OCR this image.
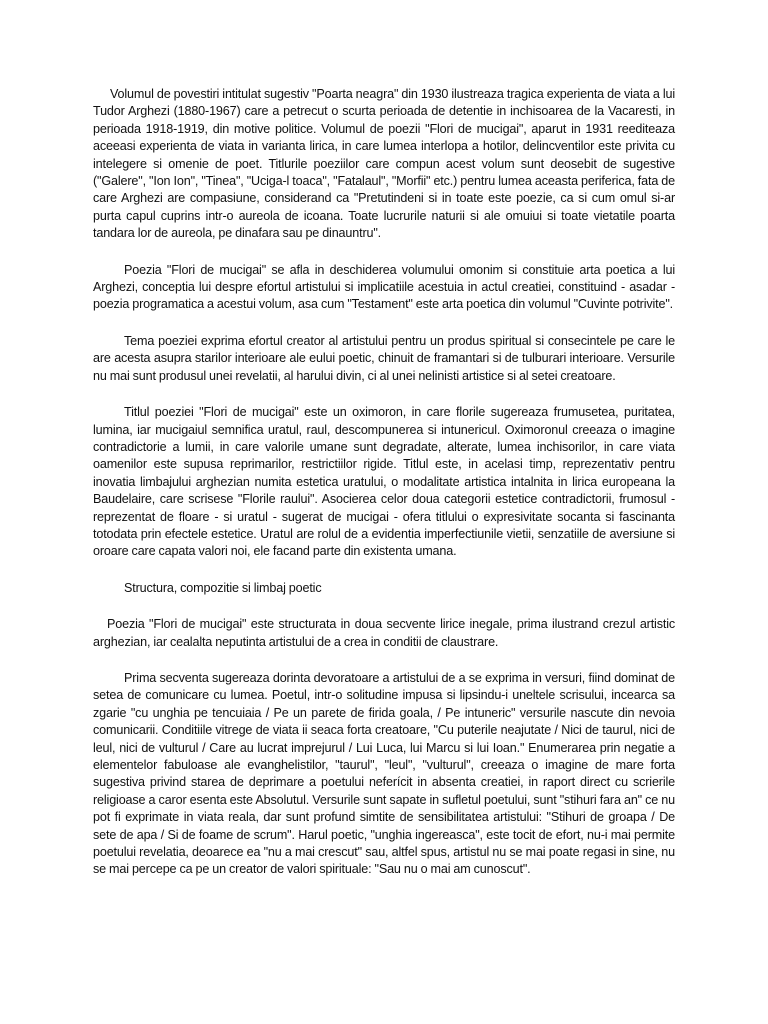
Volumul de povestiri intitulat sugestiv "Poarta neagra" din 1930 ilustreaza tragica experienta de viata a lui Tudor Arghezi (1880-1967) care a petrecut o scurta perioada de detentie in inchisoarea de la Vacaresti, in perioada 1918-1919, din motive politice. Volumul de poezii "Flori de mucigai", aparut in 1931 reediteaza aceeasi experienta de viata in varianta lirica, in care lumea interlopa a hotilor, delincventilor este privita cu intelegere si omenie de poet. Titlurile poeziilor care compun acest volum sunt deosebit de sugestive ("Galere", "Ion Ion", "Tinea", "Uciga-l toaca", "Fatalaul", "Morfii" etc.) pentru lumea aceasta periferica, fata de care Arghezi are compasiune, considerand ca "Pretutindeni si in toate este poezie, ca si cum omul si-ar purta capul cuprins intr-o aureola de icoana. Toate lucrurile naturii si ale omuiui si toate vietatile poarta tandara lor de aureola, pe dinafara sau pe dinauntru".

Poezia "Flori de mucigai" se afla in deschiderea volumului omonim si constituie arta poetica a lui Arghezi, conceptia lui despre efortul artistului si implicatiile acestuia in actul creatiei, constituind - asadar - poezia programatica a acestui volum, asa cum "Testament" este arta poetica din volumul "Cuvinte potrivite".

Tema poeziei exprima efortul creator al artistului pentru un produs spiritual si consecintele pe care le are acesta asupra starilor interioare ale eului poetic, chinuit de framantari si de tulburari interioare. Versurile nu mai sunt produsul unei revelatii, al harului divin, ci al unei nelinisti artistice si al setei creatoare.

Titlul poeziei "Flori de mucigai" este un oximoron, in care florile sugereaza frumusetea, puritatea, lumina, iar mucigaiul semnifica uratul, raul, descompunerea si intunericul. Oximoronul creeaza o imagine contradictorie a lumii, in care valorile umane sunt degradate, alterate, lumea inchisorilor, in care viata oamenilor este supusa reprimarilor, restrictiilor rigide. Titlul este, in acelasi timp, reprezentativ pentru inovatia limbajului arghezian numita estetica uratului, o modalitate artistica intalnita in lirica europeana la Baudelaire, care scrisese "Florile raului". Asocierea celor doua categorii estetice contradictorii, frumosul - reprezentat de floare - si uratul - sugerat de mucigai - ofera titlului o expresivitate socanta si fascinanta totodata prin efectele estetice. Uratul are rolul de a evidentia imperfectiunile vietii, senzatiile de aversiune si oroare care capata valori noi, ele facand parte din existenta umana.

Structura, compozitie si limbaj poetic

Poezia "Flori de mucigai" este structurata in doua secvente lirice inegale, prima ilustrand crezul artistic arghezian, iar cealalta neputinta artistului de a crea in conditii de claustrare.

Prima secventa sugereaza dorinta devoratoare a artistului de a se exprima in versuri, fiind dominat de setea de comunicare cu lumea. Poetul, intr-o solitudine impusa si lipsindu-i uneltele scrisului, incearca sa zgarie "cu unghia pe tencuiaia / Pe un parete de firida goala, / Pe intuneric" versurile nascute din nevoia comunicarii. Conditiile vitrege de viata ii seaca forta creatoare, "Cu puterile neajutate / Nici de taurul, nici de leul, nici de vulturul / Care au lucrat imprejurul / Lui Luca, lui Marcu si lui Ioan." Enumerarea prin negatie a elementelor fabuloase ale evanghelistilor, "taurul", "leul", "vulturul", creeaza o imagine de mare forta sugestiva privind starea de deprimare a poetului neferícit in absenta creatiei, in raport direct cu scrierile religioase a caror esenta este Absolutul. Versurile sunt sapate in sufletul poetului, sunt "stihuri fara an" ce nu pot fi exprimate in viata reala, dar sunt profund simtite de sensibilitatea artistului: "Stihuri de groapa / De sete de apa / Si de foame de scrum". Harul poetic, "unghia ingereasca", este tocit de efort, nu-i mai permite poetului revelatia, deoarece ea "nu a mai crescut" sau, altfel spus, artistul nu se mai poate regasi in sine, nu se mai percepe ca pe un creator de valori spirituale: "Sau nu o mai am cunoscut".
